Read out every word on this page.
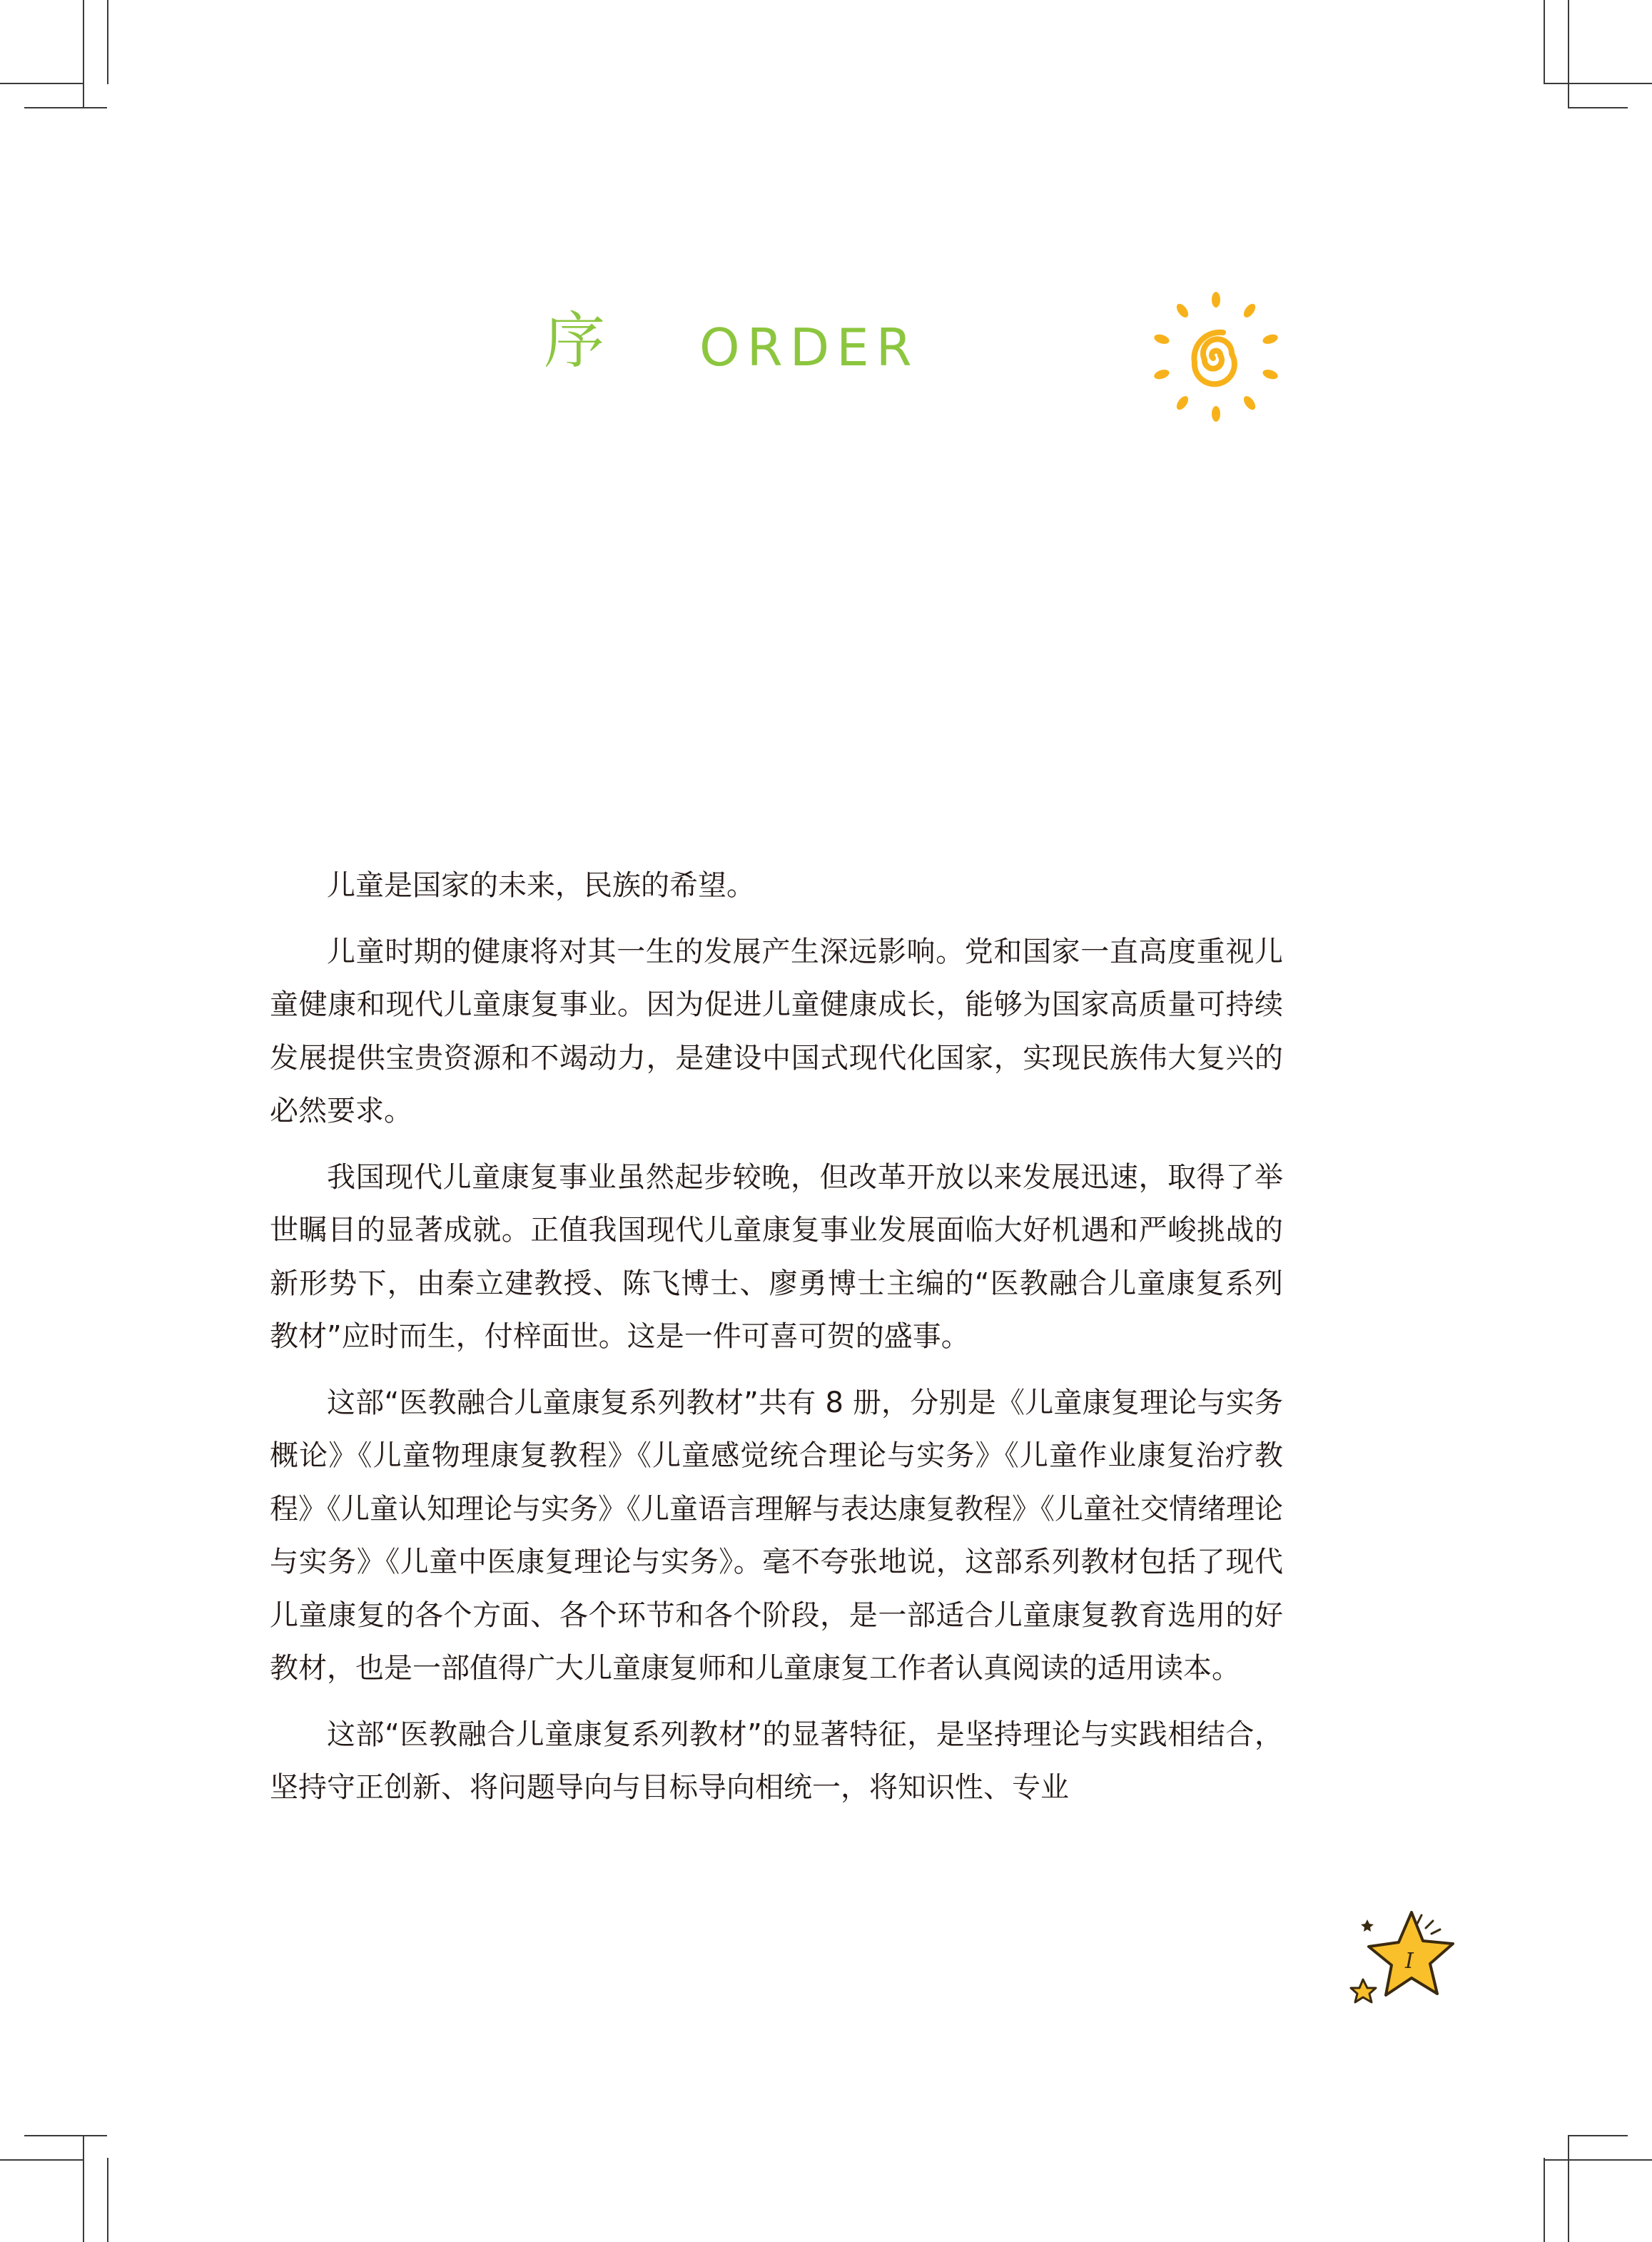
序 ORDER

儿童是国家的未来，民族的希望。

儿童时期的健康将对其一生的发展产生深远影响。党和国家一直高度重视儿童健康和现代儿童康复事业。因为促进儿童健康成长，能够为国家高质量可持续发展提供宝贵资源和不竭动力，是建设中国式现代化国家，实现民族伟大复兴的必然要求。

我国现代儿童康复事业虽然起步较晚，但改革开放以来发展迅速，取得了举世瞩目的显著成就。正值我国现代儿童康复事业发展面临大好机遇和严峻挑战的新形势下，由秦立建教授、陈飞博士、廖勇博士主编的“医教融合儿童康复系列教材”应时而生，付梓面世。这是一件可喜可贺的盛事。

这部“医教融合儿童康复系列教材”共有 8 册，分别是《儿童康复理论与实务概论》《儿童物理康复教程》《儿童感觉统合理论与实务》《儿童作业康复治疗教程》《儿童认知理论与实务》《儿童语言理解与表达康复教程》《儿童社交情绪理论与实务》《儿童中医康复理论与实务》。毫不夸张地说，这部系列教材包括了现代儿童康复的各个方面、各个环节和各个阶段，是一部适合儿童康复教育选用的好教材，也是一部值得广大儿童康复师和儿童康复工作者认真阅读的适用读本。

这部“医教融合儿童康复系列教材”的显著特征，是坚持理论与实践相结合，坚持守正创新、将问题导向与目标导向相统一，将知识性、专业

I
